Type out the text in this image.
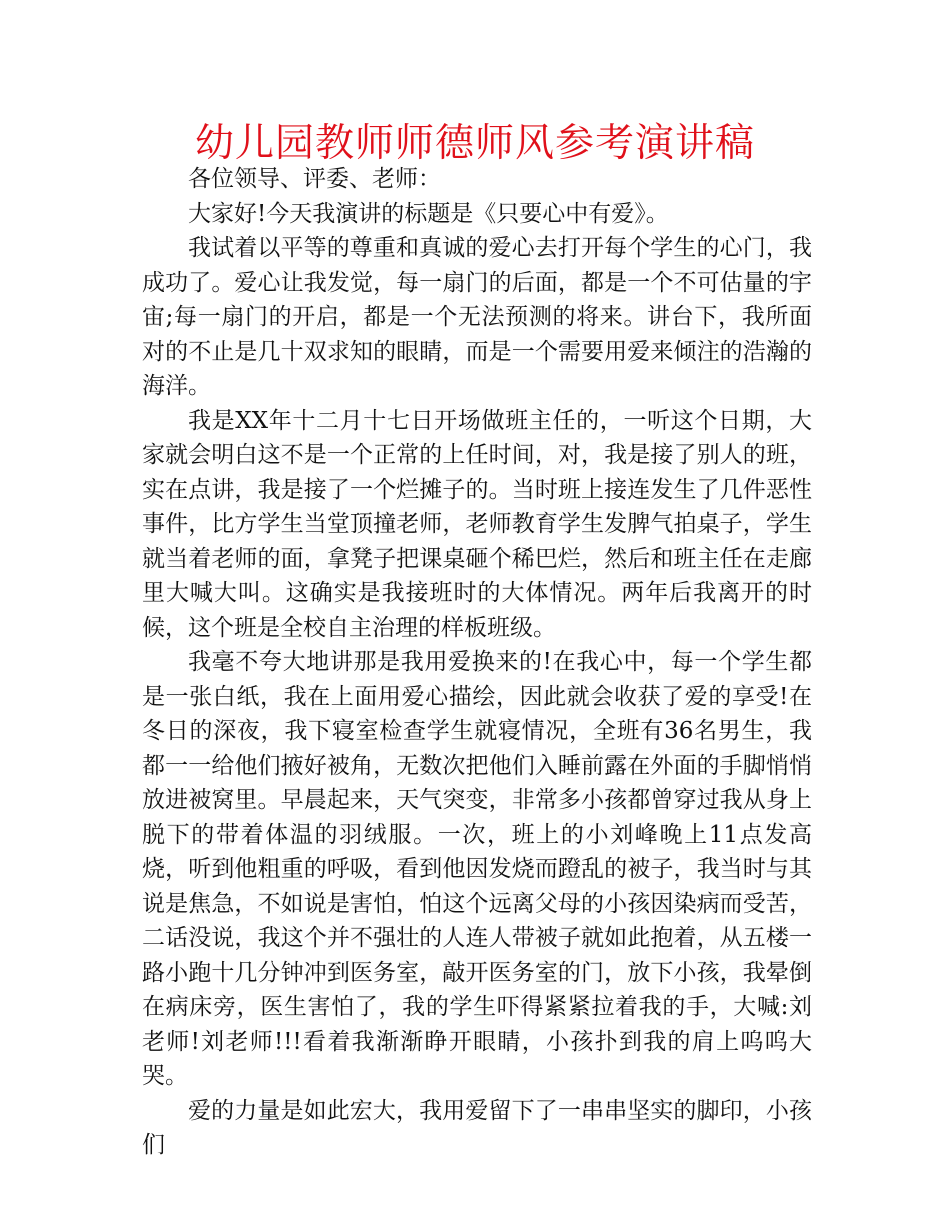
幼儿园教师师德师风参考演讲稿

各位领导、评委、老师：

大家好!今天我演讲的标题是《只要心中有爱》。

我试着以平等的尊重和真诚的爱心去打开每个学生的心门，我成功了。爱心让我发觉，每一扇门的后面，都是一个不可估量的宇宙;每一扇门的开启，都是一个无法预测的将来。讲台下，我所面对的不止是几十双求知的眼睛，而是一个需要用爱来倾注的浩瀚的海洋。

我是XX年十二月十七日开场做班主任的，一听这个日期，大家就会明白这不是一个正常的上任时间，对，我是接了别人的班，实在点讲，我是接了一个烂摊子的。当时班上接连发生了几件恶性事件，比方学生当堂顶撞老师，老师教育学生发脾气拍桌子，学生就当着老师的面，拿凳子把课桌砸个稀巴烂，然后和班主任在走廊里大喊大叫。这确实是我接班时的大体情况。两年后我离开的时候，这个班是全校自主治理的样板班级。

我毫不夸大地讲那是我用爱换来的!在我心中，每一个学生都是一张白纸，我在上面用爱心描绘，因此就会收获了爱的享受!在冬日的深夜，我下寝室检查学生就寝情况，全班有36名男生，我都一一给他们掖好被角，无数次把他们入睡前露在外面的手脚悄悄放进被窝里。早晨起来，天气突变，非常多小孩都曾穿过我从身上脱下的带着体温的羽绒服。一次，班上的小刘峰晚上11点发高烧，听到他粗重的呼吸，看到他因发烧而蹬乱的被子，我当时与其说是焦急，不如说是害怕，怕这个远离父母的小孩因染病而受苦，二话没说，我这个并不强壮的人连人带被子就如此抱着，从五楼一路小跑十几分钟冲到医务室，敲开医务室的门，放下小孩，我晕倒在病床旁，医生害怕了，我的学生吓得紧紧拉着我的手，大喊:刘老师!刘老师!!!看着我渐渐睁开眼睛，小孩扑到我的肩上呜呜大哭。

爱的力量是如此宏大，我用爱留下了一串串坚实的脚印，小孩们
